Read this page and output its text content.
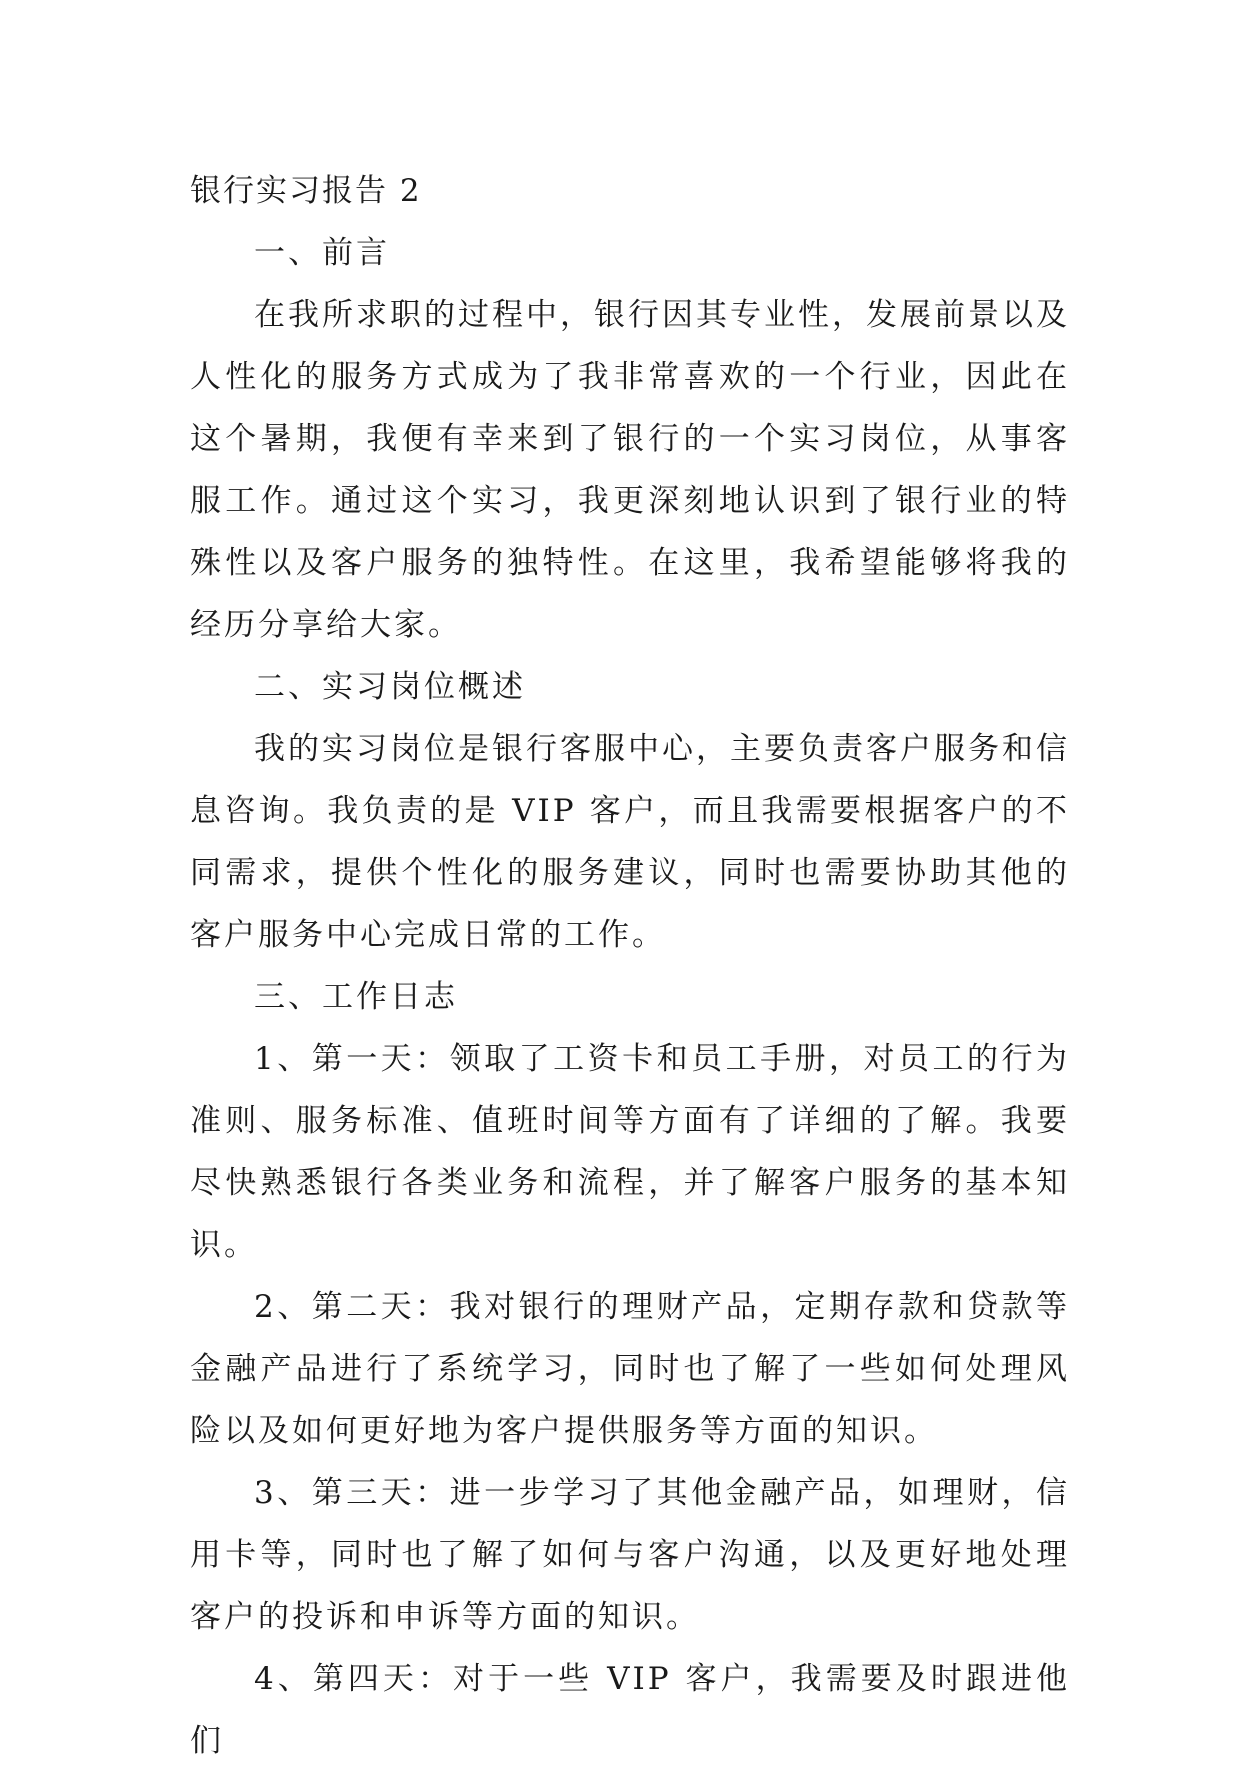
银行实习报告 2
一、前言

在我所求职的过程中，银行因其专业性，发展前景以及人性化的服务方式成为了我非常喜欢的一个行业，因此在这个暑期，我便有幸来到了银行的一个实习岗位，从事客服工作。通过这个实习，我更深刻地认识到了银行业的特殊性以及客户服务的独特性。在这里，我希望能够将我的经历分享给大家。

二、实习岗位概述

我的实习岗位是银行客服中心，主要负责客户服务和信息咨询。我负责的是 VIP 客户，而且我需要根据客户的不同需求，提供个性化的服务建议，同时也需要协助其他的客户服务中心完成日常的工作。

三、工作日志

1、第一天：领取了工资卡和员工手册，对员工的行为准则、服务标准、值班时间等方面有了详细的了解。我要尽快熟悉银行各类业务和流程，并了解客户服务的基本知识。

2、第二天：我对银行的理财产品，定期存款和贷款等金融产品进行了系统学习，同时也了解了一些如何处理风险以及如何更好地为客户提供服务等方面的知识。

3、第三天：进一步学习了其他金融产品，如理财，信用卡等，同时也了解了如何与客户沟通，以及更好地处理客户的投诉和申诉等方面的知识。

4、第四天：对于一些 VIP 客户，我需要及时跟进他们
